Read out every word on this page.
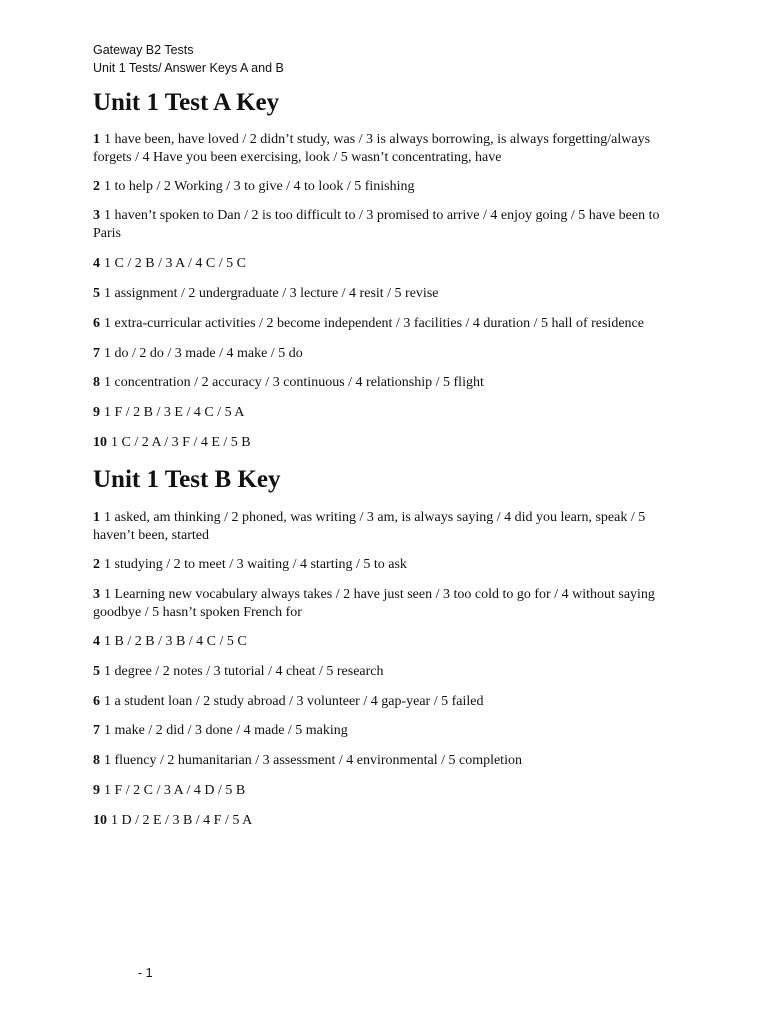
Gateway B2 Tests
Unit 1 Tests/ Answer Keys A and B
Unit 1 Test A Key

1 1 have been, have loved / 2 didn’t study, was / 3 is always borrowing, is always forgetting/always forgets / 4 Have you been exercising, look / 5 wasn’t concentrating, have

2 1 to help / 2 Working / 3 to give / 4 to look / 5 finishing

3 1 haven’t spoken to Dan / 2 is too difficult to / 3 promised to arrive / 4 enjoy going / 5 have been to Paris

4 1 C / 2 B / 3 A / 4 C / 5 C

5 1 assignment / 2 undergraduate / 3 lecture / 4 resit / 5 revise

6 1 extra-curricular activities / 2 become independent / 3 facilities / 4 duration / 5 hall of residence

7 1 do / 2 do / 3 made / 4 make / 5 do

8 1 concentration / 2 accuracy / 3 continuous / 4 relationship / 5 flight

9 1 F / 2 B / 3 E / 4 C / 5 A

10 1 C / 2 A / 3 F / 4 E / 5 B

Unit 1 Test B Key

1 1 asked, am thinking / 2 phoned, was writing / 3 am, is always saying / 4 did you learn, speak / 5 haven’t been, started

2 1 studying / 2 to meet / 3 waiting / 4 starting / 5 to ask

3 1 Learning new vocabulary always takes / 2 have just seen / 3 too cold to go for / 4 without saying goodbye / 5 hasn’t spoken French for

4 1 B / 2 B / 3 B / 4 C / 5 C

5 1 degree / 2 notes / 3 tutorial / 4 cheat / 5 research

6 1 a student loan / 2 study abroad / 3 volunteer / 4 gap-year / 5 failed

7 1 make / 2 did / 3 done / 4 made / 5 making

8 1 fluency / 2 humanitarian / 3 assessment / 4 environmental / 5 completion

9 1 F / 2 C / 3 A / 4 D / 5 B

10 1 D / 2 E / 3 B / 4 F / 5 A

- 1
